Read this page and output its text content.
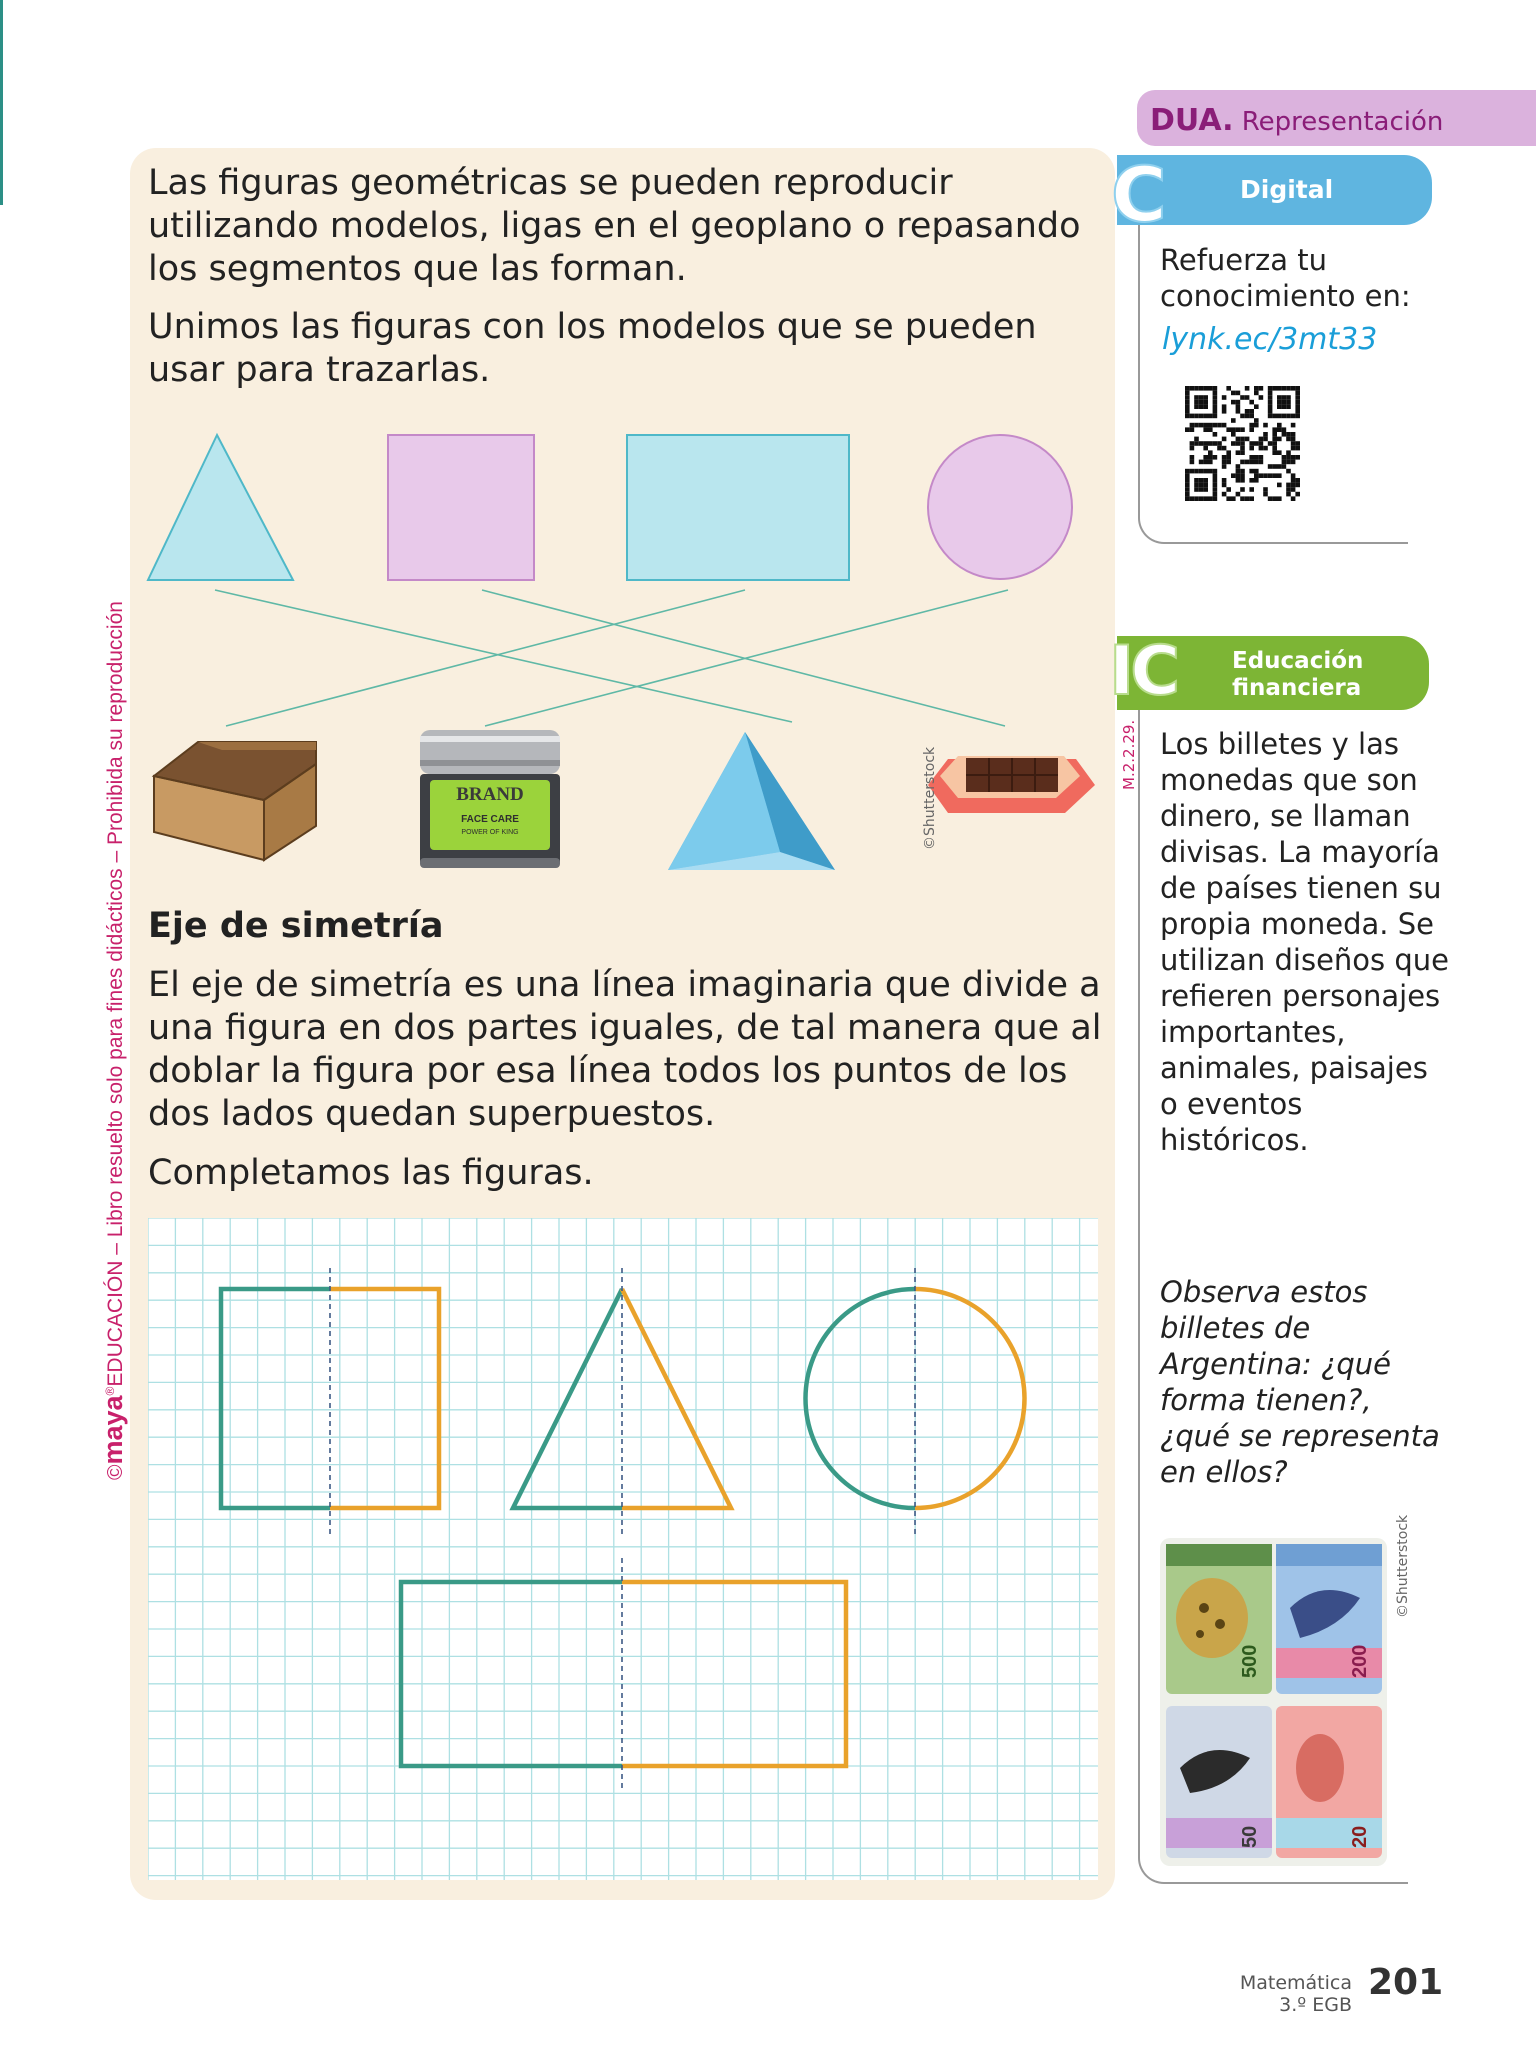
©maya®EDUCACIÓN – Libro resuelto solo para fines didácticos – Prohibida su reproducción
Las figuras geométricas se pueden reproducir utilizando modelos, ligas en el geoplano o repasando los segmentos que las forman.
Unimos las figuras con los modelos que se pueden usar para trazarlas.
BRAND
FACE CARE
POWER OF KING	©Shutterstock
Eje de simetría
El eje de simetría es una línea imaginaria que divide a una figura en dos partes iguales, de tal manera que al doblar la figura por esa línea todos los puntos de los dos lados quedan superpuestos.
Completamos las figuras.
DUA. Representación
C	Digital
Refuerza tu conocimiento en:
lynk.ec/3mt33
IC Educación
financiera
M.2.2.29. Los billetes y las monedas que son dinero, se llaman divisas. La mayoría de países tienen su propia moneda. Se utilizan diseños que refieren personajes importantes, animales, paisajes o eventos históricos.
Observa estos billetes de Argentina: ¿qué forma tienen?, ¿qué se representa en ellos?
500	200
50	20
©Shutterstock
Matemática
3.º EGB
201
